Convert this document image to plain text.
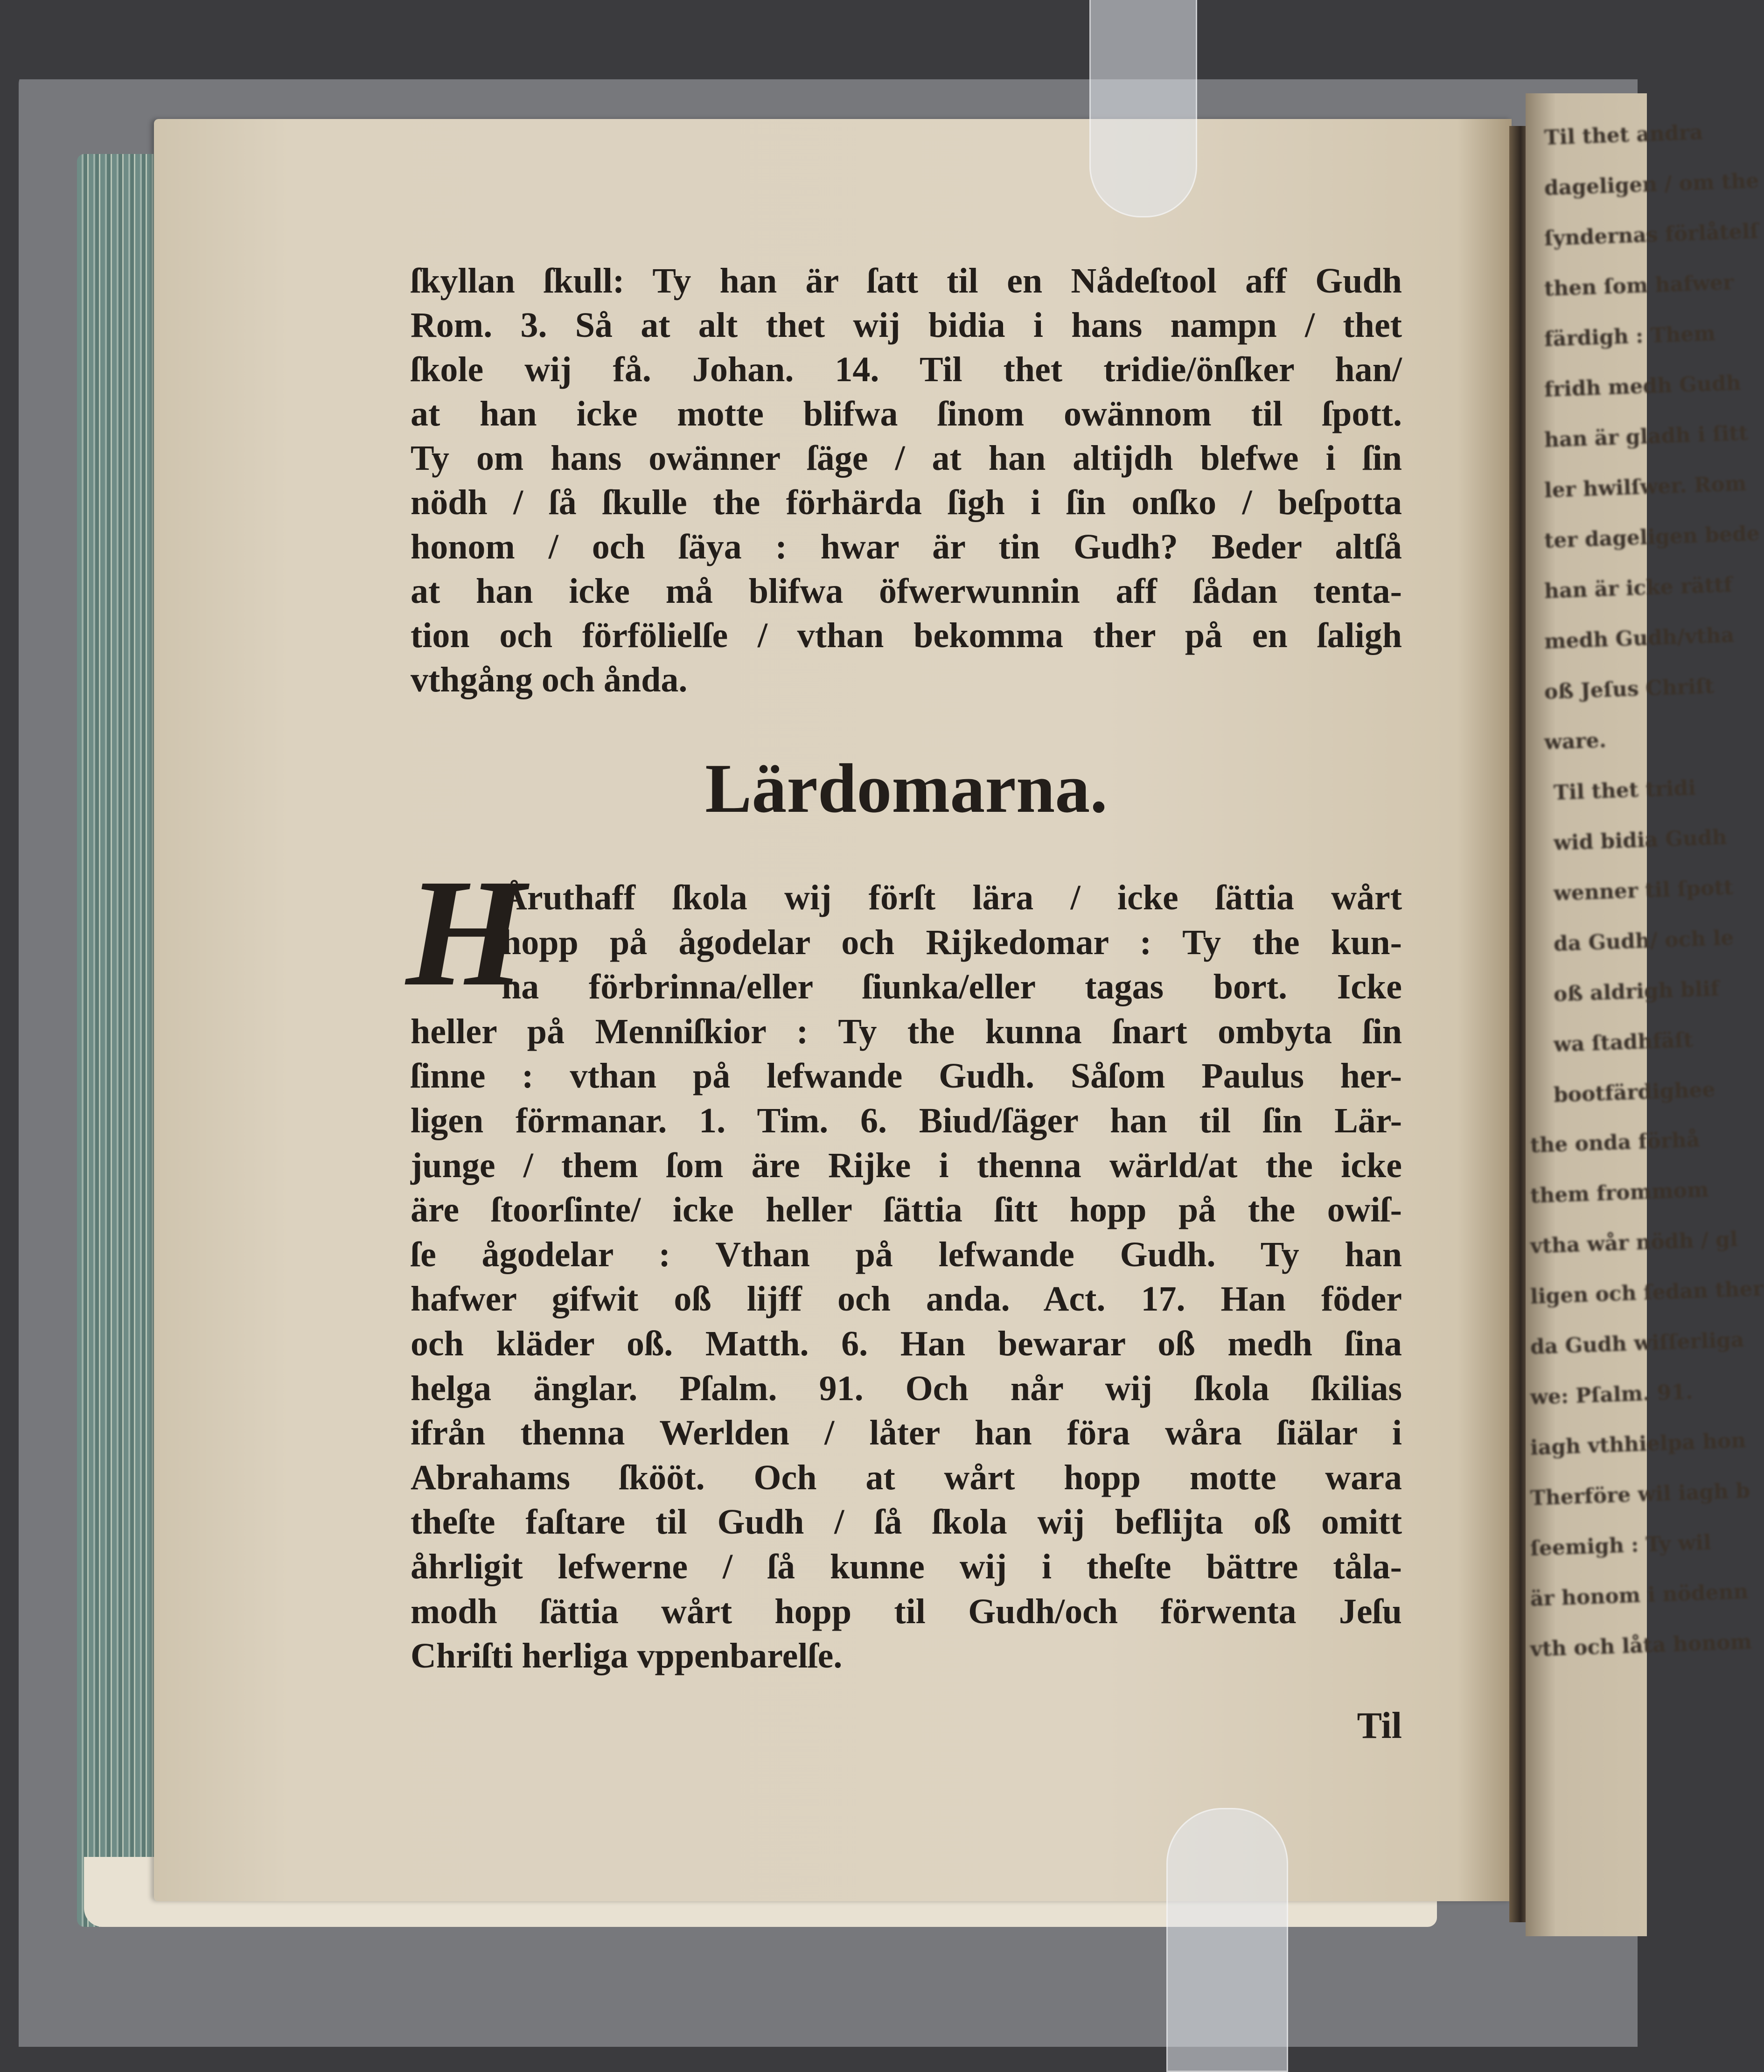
Til thet andra
dageligen / om the
ſyndernas förlåtelſ
then ſom hafwer
färdigh : Them
fridh medh Gudh
han är gladh i ſitt
ler hwilſwer. Rom
ter dageligen bede
han är icke rättf
medh Gudh/vtha
oß Jeſus Chriſt
ware.
Til thet tridi
wid bidia Gudh
wenner til ſpott
da Gudh/ och le
oß aldrigh blif
wa ſtadhfäſt
bootfärdighee
the onda förhå
them frommom
vtha wår nödh / gl
ligen och ſedan ther
da Gudh wiſſerliga
we: Pſalm. 91.
iagh vthhielpa hon
Therföre wil iagh b
ſeemigh : Ty wil
är honom i nödenn
vth och låta honom
ſkyllan ſkull: Ty han är ſatt til en Nådeſtool aff Gudh
Rom. 3. Så at alt thet wij bidia i hans nampn / thet
ſkole wij få. Johan. 14. Til thet tridie/önſker han/
at han icke motte blifwa ſinom owännom til ſpott.
Ty om hans owänner ſäge / at han altijdh blefwe i ſin
nödh / ſå ſkulle the förhärda ſigh i ſin onſko / beſpotta
honom / och ſäya : hwar är tin Gudh? Beder altſå
at han icke må blifwa öfwerwunnin aff ſådan tenta-
tion och förfölielſe / vthan bekomma ther på en ſaligh
vthgång och ånda.
Åruthaff ſkola wij förſt lära / icke ſättia wårt
hopp på ågodelar och Rijkedomar : Ty the kun-
na förbrinna/eller ſiunka/eller tagas bort. Icke
heller på Menniſkior : Ty the kunna ſnart ombyta ſin
ſinne : vthan på lefwande Gudh. Såſom Paulus her-
ligen förmanar. 1. Tim. 6. Biud/ſäger han til ſin Lär-
junge / them ſom äre Rijke i thenna wärld/at the icke
äre ſtoorſinte/ icke heller ſättia ſitt hopp på the owiſ-
ſe ågodelar : Vthan på lefwande Gudh. Ty han
hafwer gifwit oß lijff och anda. Act. 17. Han föder
och kläder oß. Matth. 6. Han bewarar oß medh ſina
helga änglar. Pſalm. 91. Och når wij ſkola ſkilias
ifrån thenna Werlden / låter han föra wåra ſiälar i
Abrahams ſkööt. Och at wårt hopp motte wara
theſte faſtare til Gudh / ſå ſkola wij beflijta oß omitt
åhrligit lefwerne / ſå kunne wij i theſte bättre tåla-
modh ſättia wårt hopp til Gudh/och förwenta Jeſu
Chriſti herliga vppenbarelſe.
Lärdomarna.
H
Til
